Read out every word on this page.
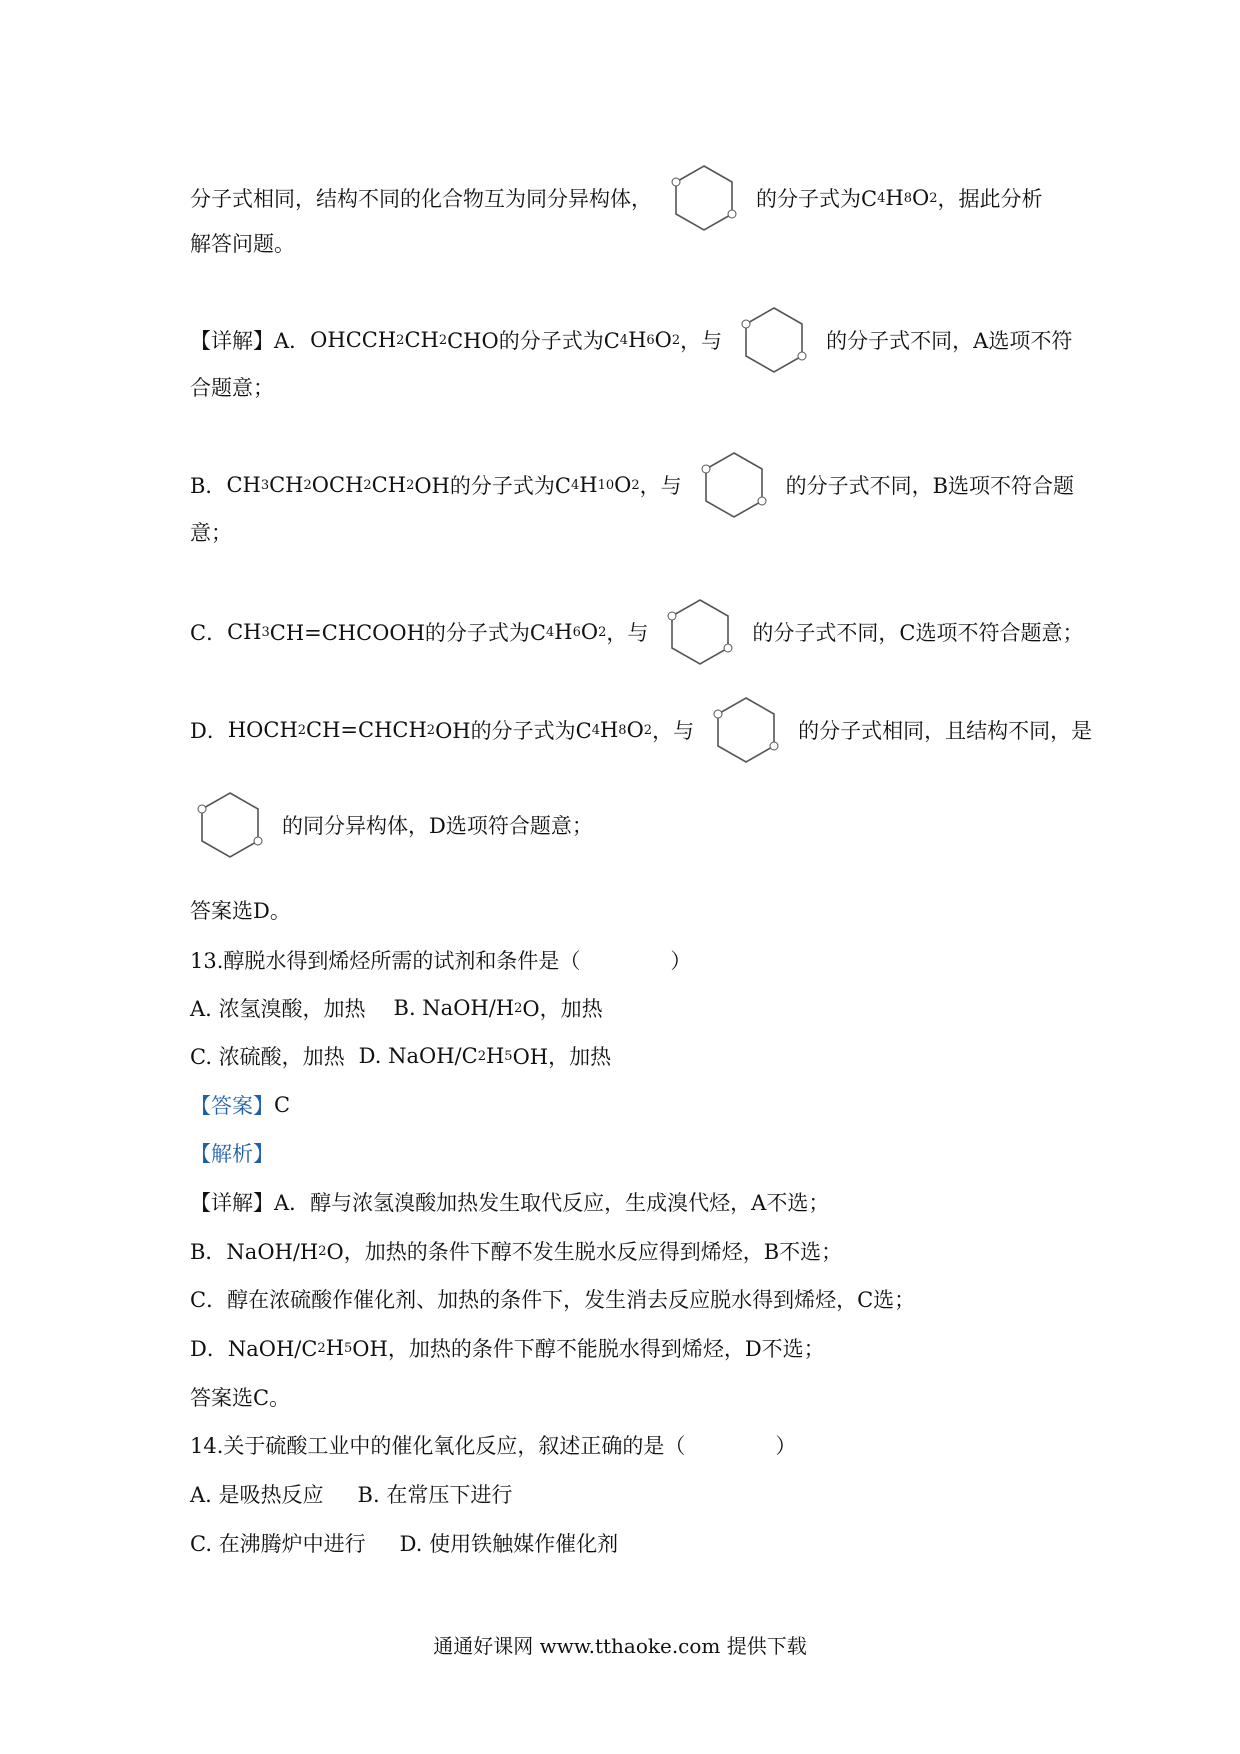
分子式相同，结构不同的化合物互为同分异构体，	的分子式为C 4 H 8 O 2 ，据此分析
解答问题。
【详解】 A． OHCCH 2 CH 2 CHO的分子式为C 4 H 6 O 2 ，与	的分子式不同，A选项不符
合题意；
B． CH 3 CH 2 OCH 2 CH 2 OH的分子式为C 4 H 10 O 2 ，与	的分子式不同，B选项不符合题
意；
C． CH 3 CH=CHCOOH的分子式为C 4 H 6 O 2 ，与	的分子式不同，C选项不符合题意；
D． HOCH 2 CH=CHCH 2 OH的分子式为C 4 H 8 O 2 ，与	的分子式相同，且结构不同，是
的同分异构体，D选项符合题意；
答案选D。
13.醇脱水得到烯烃所需的试剂和条件是（	）
A. 浓氢溴酸，加热 B. NaOH/H 2 O，加热
C. 浓硫酸，加热 D. NaOH/C 2 H 5 OH，加热
【答案】 C
【解析】
【详解】 A．醇与浓氢溴酸加热发生取代反应，生成溴代烃，A不选；
B．NaOH/H 2 O，加热的条件下醇不发生脱水反应得到烯烃，B不选；
C．醇在浓硫酸作催化剂、加热的条件下，发生消去反应脱水得到烯烃，C选；
D．NaOH/C 2 H 5 OH，加热的条件下醇不能脱水得到烯烃，D不选；
答案选C。
14.关于硫酸工业中的催化氧化反应，叙述正确的是（	）
A. 是吸热反应 B. 在常压下进行
C. 在沸腾炉中进行 D. 使用铁触媒作催化剂
通通好课网 www.tthaoke.com 提供下载
